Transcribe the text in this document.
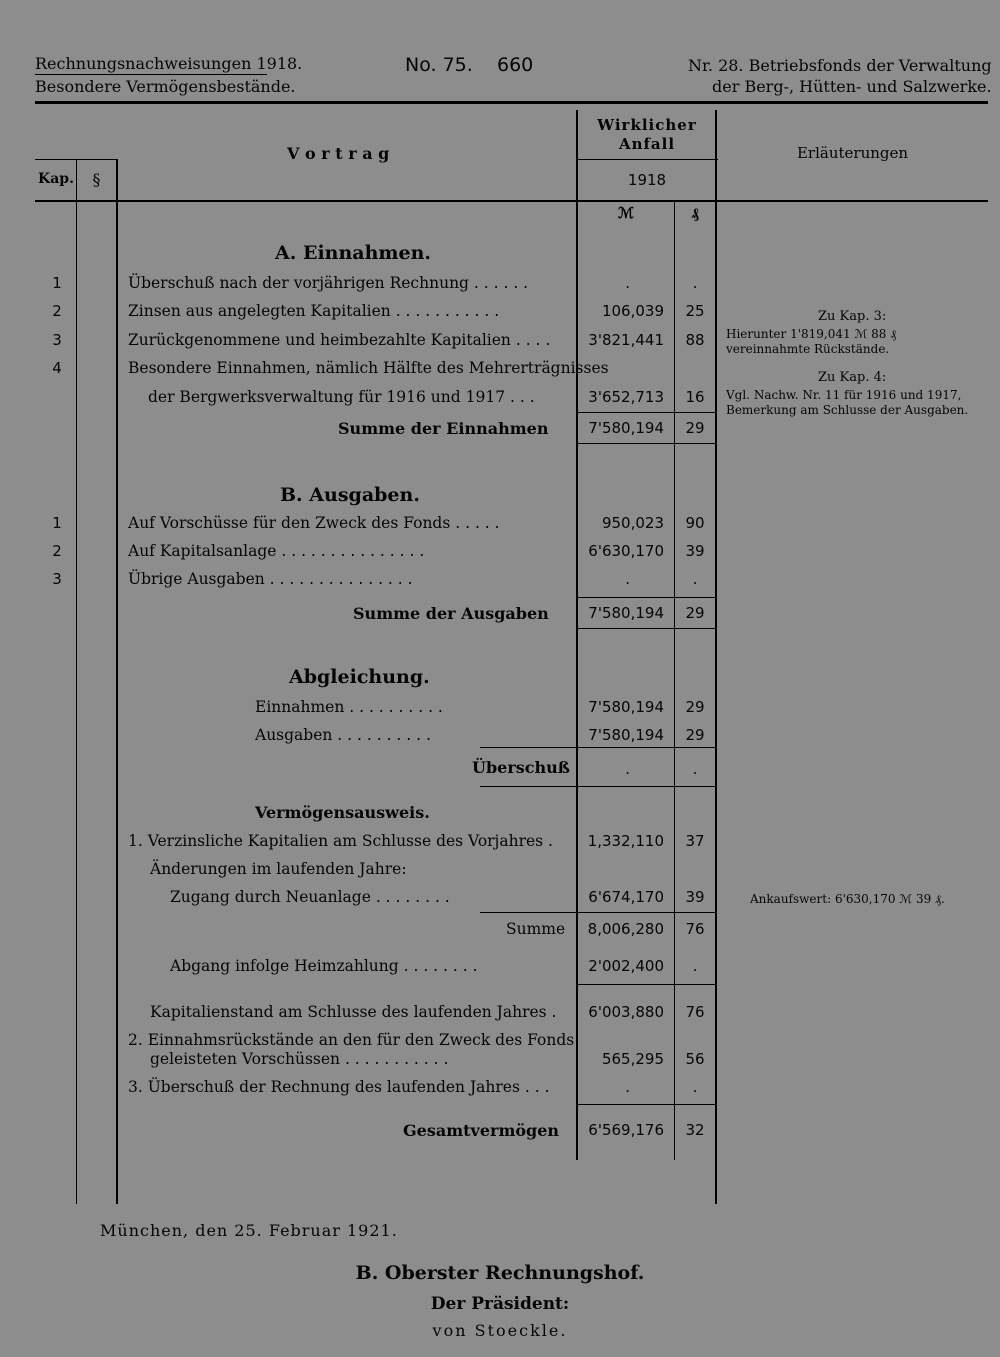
Rechnungsnachweisungen 1918.
Besondere Vermögensbestände.
No. 75. 660	Nr. 28. Betriebsfonds der Verwaltung
der Berg-, Hütten- und Salzwerke.
V o r t r a g
Wirklicher
Anfall
1918
Erläuterungen
Kap.	§
ℳ	₰
A. Einnahmen.
1	Überschuß nach der vorjährigen Rechnung . . . . . .	.	.
2	Zinsen aus angelegten Kapitalien . . . . . . . . . . .	106,039	25
3	Zurückgenommene und heimbezahlte Kapitalien . . . .	3'821,441	88
4	Besondere Einnahmen, nämlich Hälfte des Mehrerträgnisses
der Bergwerksverwaltung für 1916 und 1917 . . .	3'652,713	16
Summe der Einnahmen	7'580,194	29
Zu Kap. 3:
Hierunter 1'819,041 ℳ 88 ₰ vereinnahmte Rückstände.
Zu Kap. 4:
Vgl. Nachw. Nr. 11 für 1916 und 1917, Bemerkung am Schlusse der Ausgaben.
B. Ausgaben.
1	Auf Vorschüsse für den Zweck des Fonds . . . . .	950,023	90
2	Auf Kapitalsanlage . . . . . . . . . . . . . . .	6'630,170	39
3	Übrige Ausgaben . . . . . . . . . . . . . . .	.	.
Summe der Ausgaben	7'580,194	29
Abgleichung.
Einnahmen . . . . . . . . . .	7'580,194	29
Ausgaben . . . . . . . . . .	7'580,194	29
Überschuß	.	.
Vermögensausweis.
1. Verzinsliche Kapitalien am Schlusse des Vorjahres .	1,332,110	37
Änderungen im laufenden Jahre:
Zugang durch Neuanlage . . . . . . . .	6'674,170	39	Ankaufswert: 6'630,170 ℳ 39 ₰.
Summe	8,006,280	76
Abgang infolge Heimzahlung . . . . . . . .	2'002,400	.
Kapitalienstand am Schlusse des laufenden Jahres .	6'003,880	76
2. Einnahmsrückstände an den für den Zweck des Fonds
geleisteten Vorschüssen . . . . . . . . . . .	565,295	56
3. Überschuß der Rechnung des laufenden Jahres . . .	.	.
Gesamtvermögen	6'569,176	32
München, den 25. Februar 1921.
B. Oberster Rechnungshof.
Der Präsident:
von Stoeckle.
